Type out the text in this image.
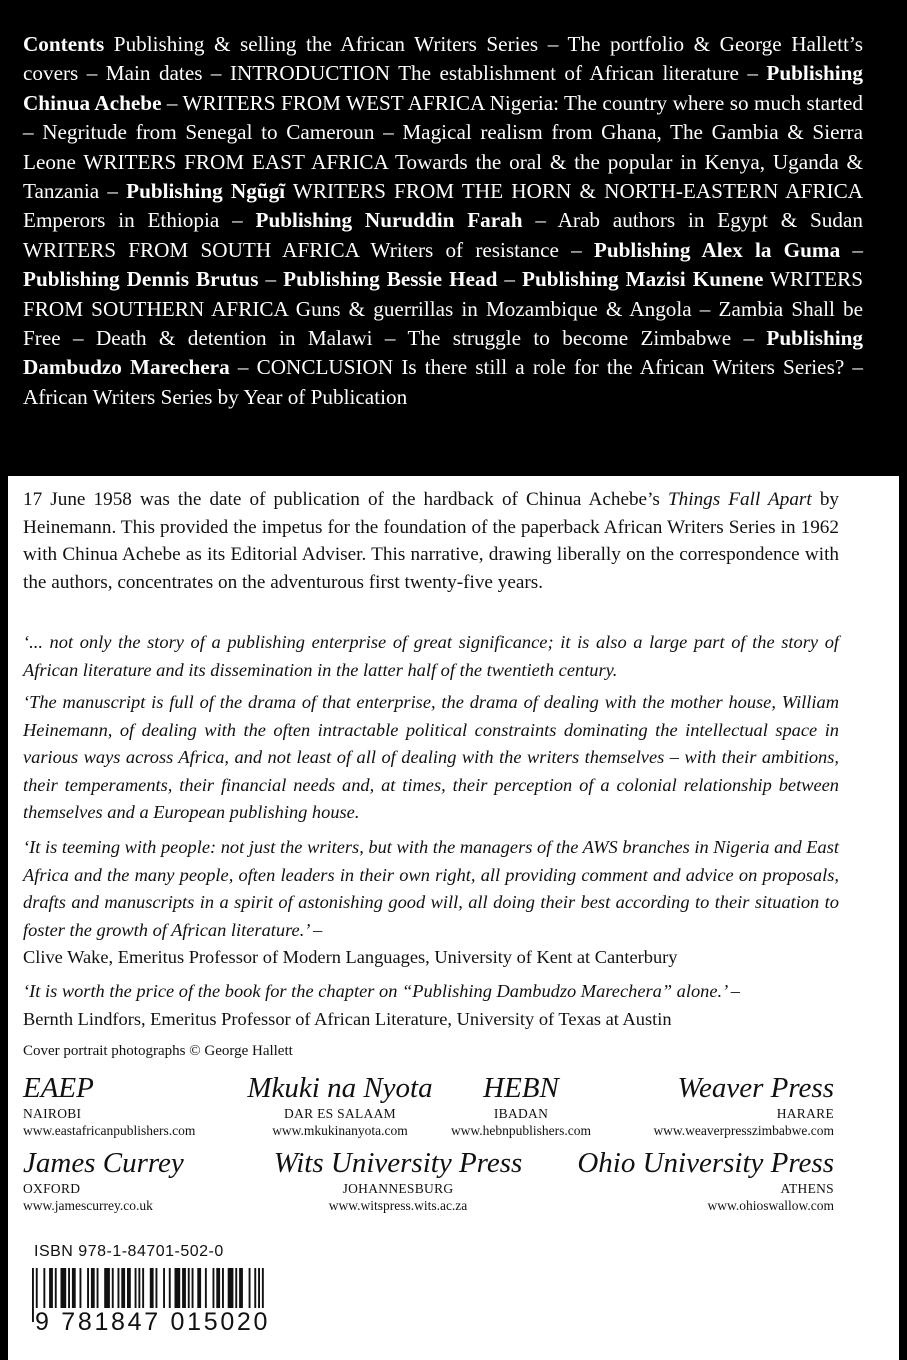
Contents Publishing & selling the African Writers Series – The portfolio & George Hallett’s covers – Main dates – INTRODUCTION The establishment of African literature – Publishing Chinua Achebe – WRITERS FROM WEST AFRICA Nigeria: The country where so much started – Negritude from Senegal to Cameroun – Magical realism from Ghana, The Gambia & Sierra Leone WRITERS FROM EAST AFRICA Towards the oral & the popular in Kenya, Uganda & Tanzania – Publishing Ngũgĩ WRITERS FROM THE HORN & NORTH-EASTERN AFRICA Emperors in Ethiopia – Publishing Nuruddin Farah – Arab authors in Egypt & Sudan WRITERS FROM SOUTH AFRICA Writers of resistance – Publishing Alex la Guma – Publishing Dennis Brutus – Publishing Bessie Head – Publishing Mazisi Kunene WRITERS FROM SOUTHERN AFRICA Guns & guerrillas in Mozambique & Angola – Zambia Shall be Free – Death & detention in Malawi – The struggle to become Zimbabwe – Publishing Dambudzo Marechera – CONCLUSION Is there still a role for the African Writers Series? – African Writers Series by Year of Publication

17 June 1958 was the date of publication of the hardback of Chinua Achebe’s Things Fall Apart by Heinemann. This provided the impetus for the foundation of the paperback African Writers Series in 1962 with Chinua Achebe as its Editorial Adviser. This narrative, drawing liberally on the correspondence with the authors, concentrates on the adventurous first twenty-five years.

‘... not only the story of a publishing enterprise of great significance; it is also a large part of the story of African literature and its dissemination in the latter half of the twentieth century.

‘The manuscript is full of the drama of that enterprise, the drama of dealing with the mother house, William Heinemann, of dealing with the often intractable political constraints dominating the intellectual space in various ways across Africa, and not least of all of dealing with the writers themselves – with their ambitions, their temperaments, their financial needs and, at times, their perception of a colonial relationship between themselves and a European publishing house.

‘It is teeming with people: not just the writers, but with the managers of the AWS branches in Nigeria and East Africa and the many people, often leaders in their own right, all providing comment and advice on proposals, drafts and manuscripts in a spirit of astonishing good will, all doing their best according to their situation to foster the growth of African literature.’ –
Clive Wake, Emeritus Professor of Modern Languages, University of Kent at Canterbury

‘It is worth the price of the book for the chapter on “Publishing Dambudzo Marechera” alone.’ –
Bernth Lindfors, Emeritus Professor of African Literature, University of Texas at Austin

Cover portrait photographs © George Hallett
EAEP
NAIROBI
www.eastafricanpublishers.com
Mkuki na Nyota
DAR ES SALAAM
www.mkukinanyota.com
HEBN
IBADAN
www.hebnpublishers.com
Weaver Press
HARARE
www.weaverpresszimbabwe.com
James Currey
OXFORD
www.jamescurrey.co.uk
Wits University Press
JOHANNESBURG
www.witspress.wits.ac.za
Ohio University Press
ATHENS
www.ohioswallow.com
ISBN 978-1-84701-502-0
9 781847 015020
